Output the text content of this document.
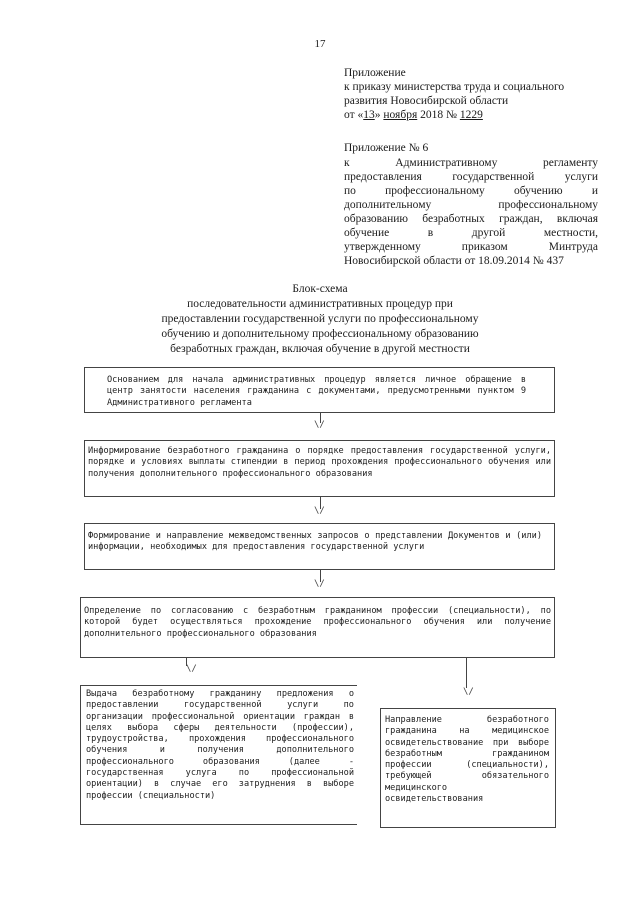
17
Приложение
к приказу министерства труда и социального
развития Новосибирской области
от «13» ноября 2018 № 1229
Приложение № 6
к Административному регламенту
предоставления государственной услуги
по профессиональному обучению и
дополнительному профессиональному
образованию безработных граждан, включая
обучение в другой местности,
утвержденному приказом Минтруда
Новосибирской области от 18.09.2014 № 437
Блок-схема
последовательности административных процедур при
предоставлении государственной услуги по профессиональному
обучению и дополнительному профессиональному образованию
безработных граждан, включая обучение в другой местности
Основанием для начала административных процедур является личное обращение в центр занятости населения гражданина с документами, предусмотренными пунктом 9 Административного регламента
\/
Информирование безработного гражданина о порядке предоставления государственной услуги, порядке и условиях выплаты стипендии в период прохождения профессионального обучения или получения дополнительного профессионального образования
\/
Формирование и направление межведомственных запросов о представлении Документов и (или) информации, необходимых для предоставления государственной услуги
\/
Определение по согласованию с безработным гражданином профессии (специальности), по которой будет осуществляться прохождение профессионального обучения или получение дополнительного профессионального образования
\/
\/
Выдача безработному гражданину предложения о предоставлении государственной услуги по организации профессиональной ориентации граждан в целях выбора сферы деятельности (профессии), трудоустройства, прохождения профессионального обучения и получения дополнительного профессионального образования (далее - государственная услуга по профессиональной ориентации) в случае его затруднения в выборе профессии (специальности)
Направление безработного гражданина на медицинское освидетельствование при выборе безработным гражданином профессии (специальности), требующей обязательного медицинского освидетельствования
